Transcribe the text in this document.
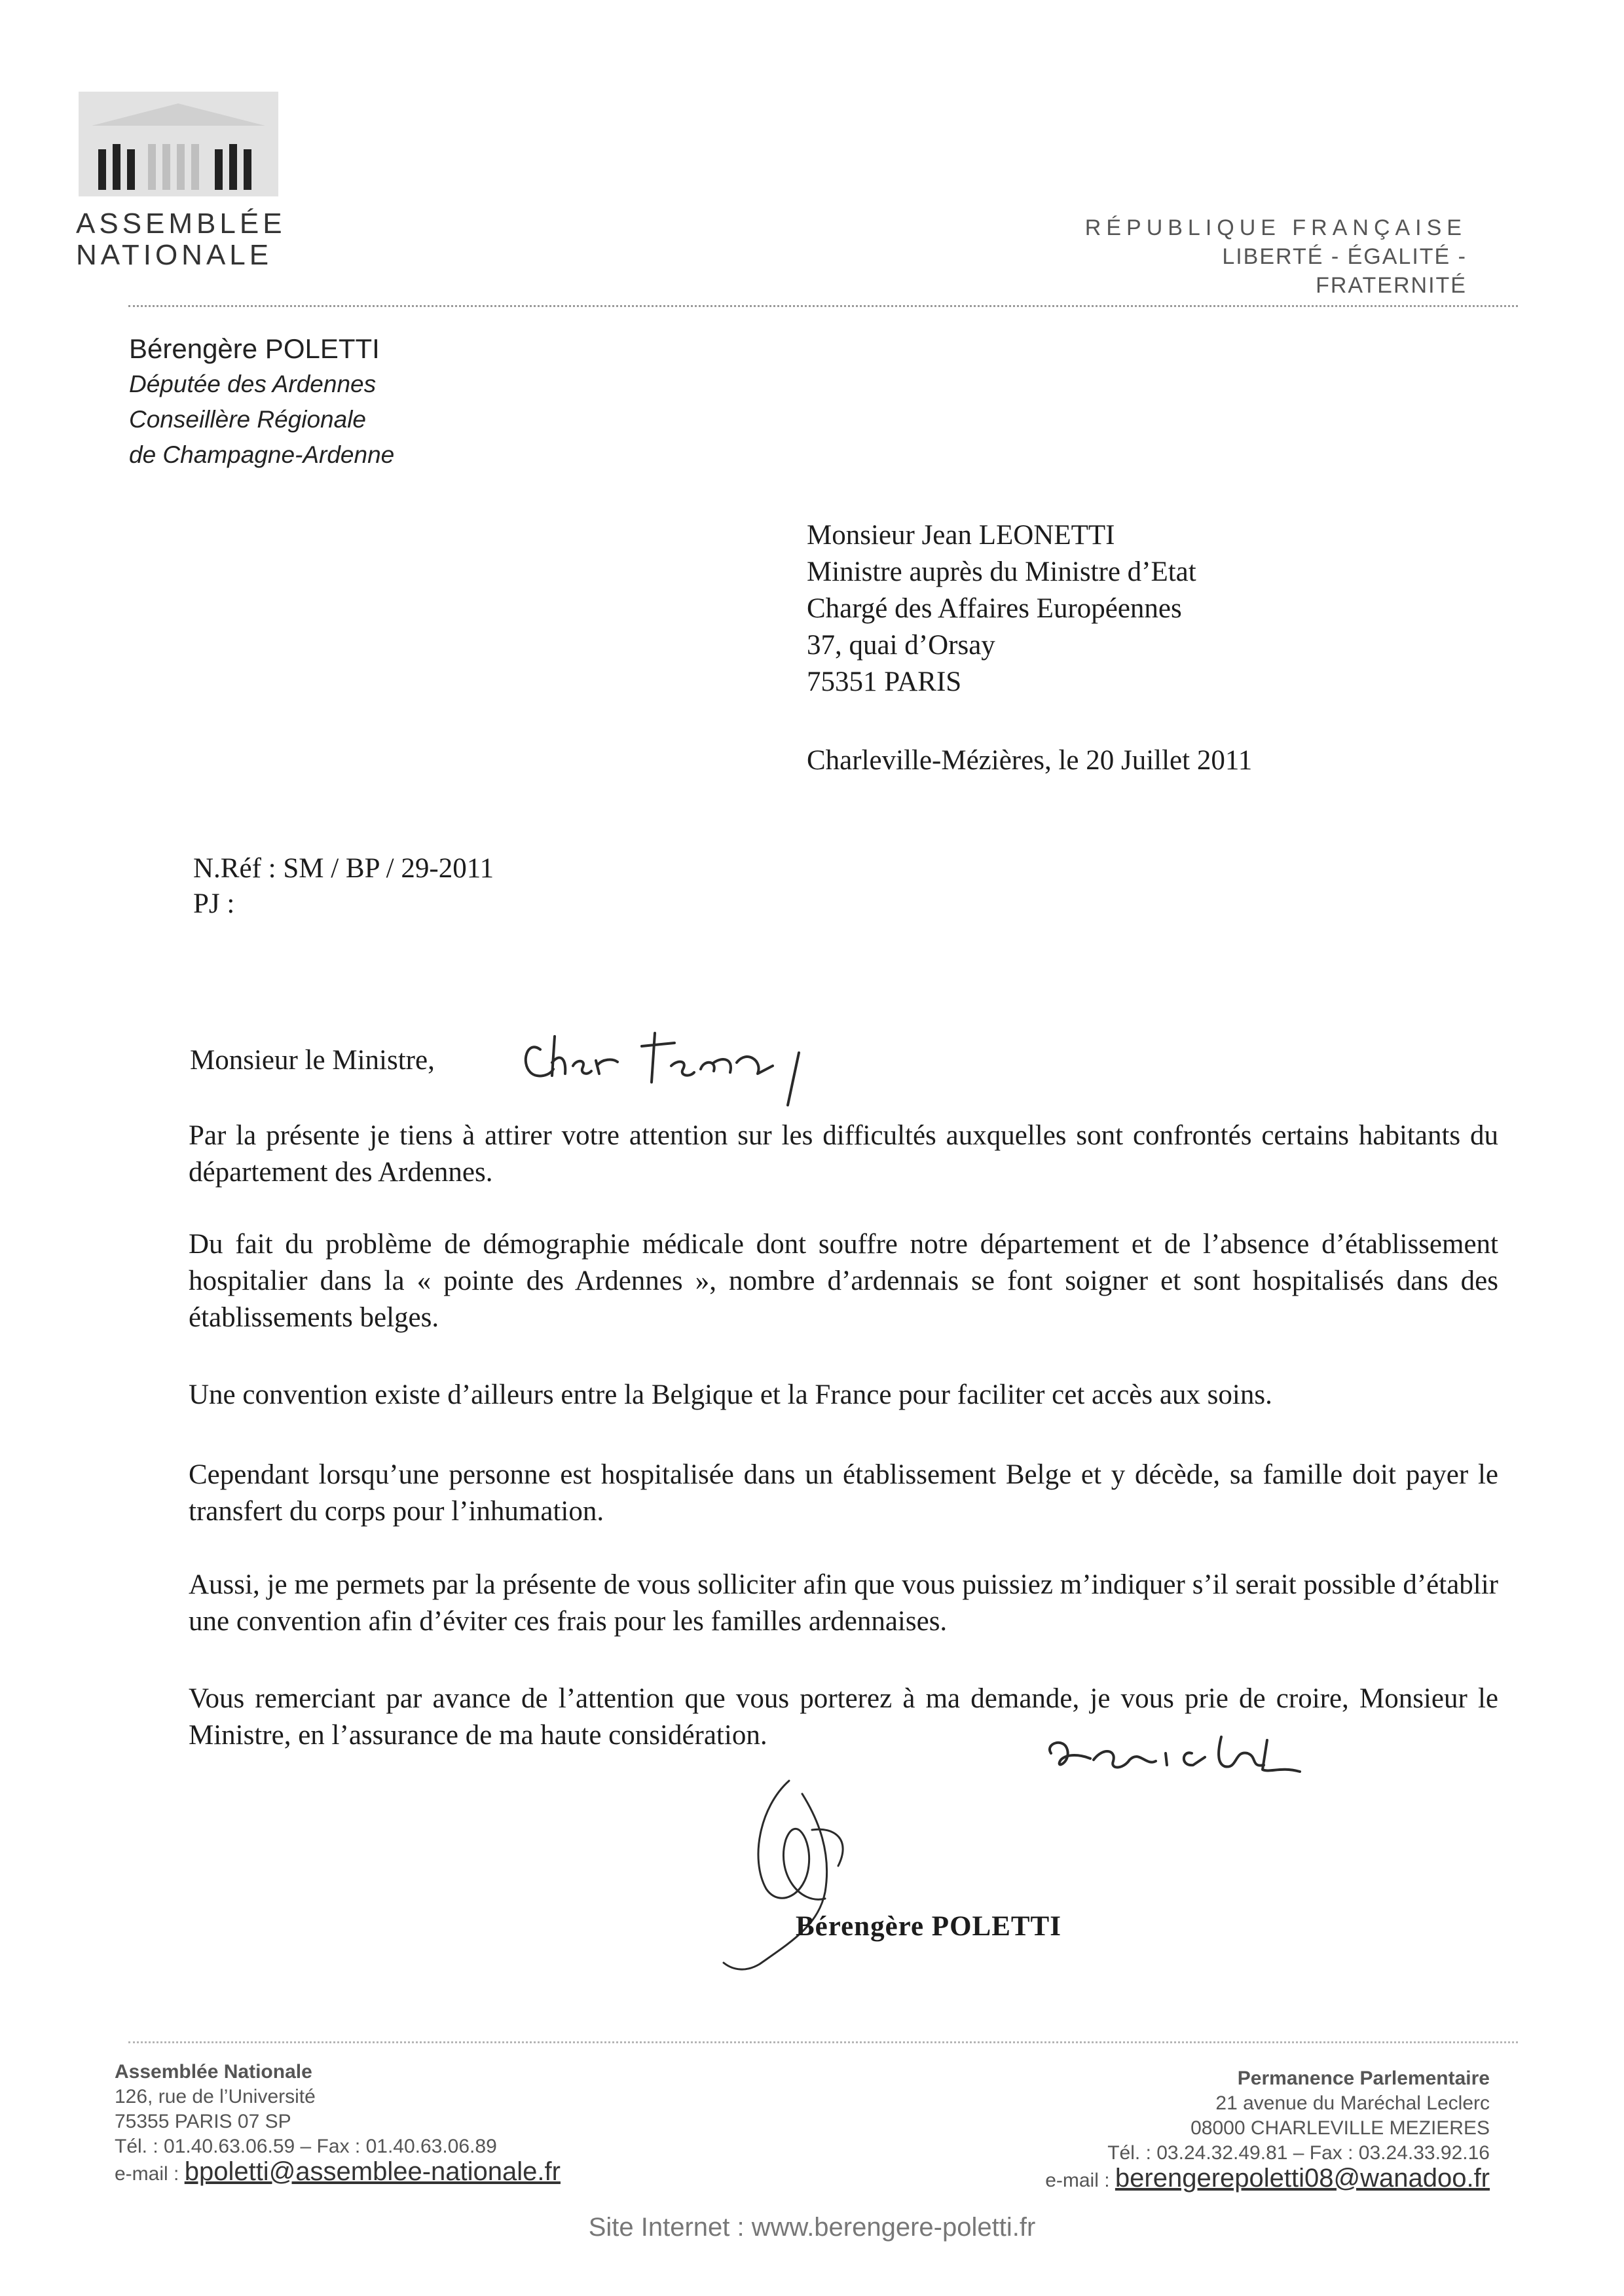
ASSEMBLÉE
NATIONALE
RÉPUBLIQUE FRANÇAISE
LIBERTÉ - ÉGALITÉ - FRATERNITÉ
Bérengère POLETTI
Députée des Ardennes
Conseillère Régionale
de Champagne-Ardenne
Monsieur Jean LEONETTI
Ministre auprès du Ministre d’Etat
Chargé des Affaires Européennes
37, quai d’Orsay
75351 PARIS
Charleville-Mézières, le 20 Juillet 2011
N.Réf : SM / BP / 29-2011
PJ :
Monsieur le Ministre,
Par la présente je tiens à attirer votre attention sur les difficultés auxquelles sont confrontés certains habitants du département des Ardennes.
Du fait du problème de démographie médicale dont souffre notre département et de l’absence d’établissement hospitalier dans la « pointe des Ardennes », nombre d’ardennais se font soigner et sont hospitalisés dans des établissements belges.
Une convention existe d’ailleurs entre la Belgique et la France pour faciliter cet accès aux soins.
Cependant lorsqu’une personne est hospitalisée dans un établissement Belge et y décède, sa famille doit payer le transfert du corps pour l’inhumation.
Aussi, je me permets par la présente de vous solliciter afin que vous puissiez m’indiquer s’il serait possible d’établir une convention afin d’éviter ces frais pour les familles ardennaises.
Vous remerciant par avance de l’attention que vous porterez à ma demande, je vous prie de croire, Monsieur le Ministre, en l’assurance de ma haute considération.
Bérengère POLETTI
Assemblée Nationale
126, rue de l’Université
75355 PARIS 07 SP
Tél. : 01.40.63.06.59 – Fax : 01.40.63.06.89
e-mail : bpoletti@assemblee-nationale.fr
Permanence Parlementaire
21 avenue du Maréchal Leclerc
08000 CHARLEVILLE MEZIERES
Tél. : 03.24.32.49.81 – Fax : 03.24.33.92.16
e-mail : berengerepoletti08@wanadoo.fr
Site Internet : www.berengere-poletti.fr
